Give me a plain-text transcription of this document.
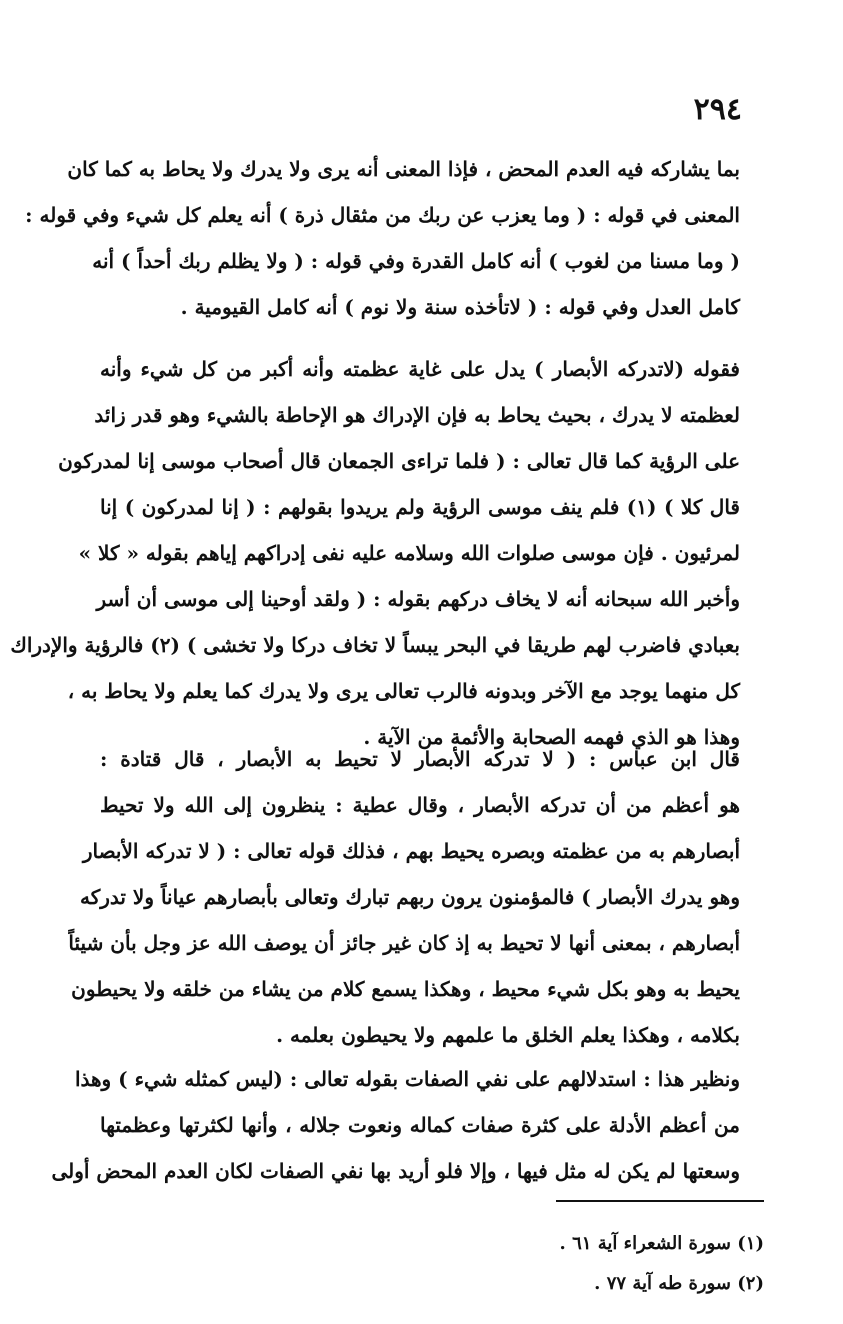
٢٩٤
بما يشاركه فيه العدم المحض ، فإذا المعنى أنه يرى ولا يدرك ولا يحاط به كما كان
المعنى في قوله : ( وما يعزب عن ربك من مثقال ذرة ) أنه يعلم كل شيء وفي قوله :
( وما مسنا من لغوب ) أنه كامل القدرة وفي قوله : ( ولا يظلم ربك أحداً ) أنه
كامل العدل وفي قوله : ( لاتأخذه سنة ولا نوم ) أنه كامل القيومية .
فقوله (لاتدركه الأبصار ) يدل على غاية عظمته وأنه أكبر من كل شيء وأنه
لعظمته لا يدرك ، بحيث يحاط به فإن الإدراك هو الإحاطة بالشيء وهو قدر زائد
على الرؤية كما قال تعالى : ( فلما تراءى الجمعان قال أصحاب موسى إنا لمدركون
قال كلا ) (١) فلم ينف موسى الرؤية ولم يريدوا بقولهم : ( إنا لمدركون ) إنا
لمرئيون . فإن موسى صلوات الله وسلامه عليه نفى إدراكهم إياهم بقوله « كلا »
وأخبر الله سبحانه أنه لا يخاف دركهم بقوله : ( ولقد أوحينا إلى موسى أن أسر
بعبادي فاضرب لهم طريقا في البحر يبساً لا تخاف دركا ولا تخشى ) (٢) فالرؤية والإدراك
كل منهما يوجد مع الآخر وبدونه فالرب تعالى يرى ولا يدرك كما يعلم ولا يحاط به ،
وهذا هو الذي فهمه الصحابة والأئمة من الآية .
قال ابن عباس : ( لا تدركه الأبصار لا تحيط به الأبصار ، قال قتادة :
هو أعظم من أن تدركه الأبصار ، وقال عطية : ينظرون إلى الله ولا تحيط
أبصارهم به من عظمته وبصره يحيط بهم ، فذلك قوله تعالى : ( لا تدركه الأبصار
وهو يدرك الأبصار ) فالمؤمنون يرون ربهم تبارك وتعالى بأبصارهم عياناً ولا تدركه
أبصارهم ، بمعنى أنها لا تحيط به إذ كان غير جائز أن يوصف الله عز وجل بأن شيئاً
يحيط به وهو بكل شيء محيط ، وهكذا يسمع كلام من يشاء من خلقه ولا يحيطون
بكلامه ، وهكذا يعلم الخلق ما علمهم ولا يحيطون بعلمه .
ونظير هذا : استدلالهم على نفي الصفات بقوله تعالى : (ليس كمثله شيء ) وهذا
من أعظم الأدلة على كثرة صفات كماله ونعوت جلاله ، وأنها لكثرتها وعظمتها
وسعتها لم يكن له مثل فيها ، وإلا فلو أريد بها نفي الصفات لكان العدم المحض أولى
(١) سورة الشعراء آية ٦١ .
(٢) سورة طه آية ٧٧ .
